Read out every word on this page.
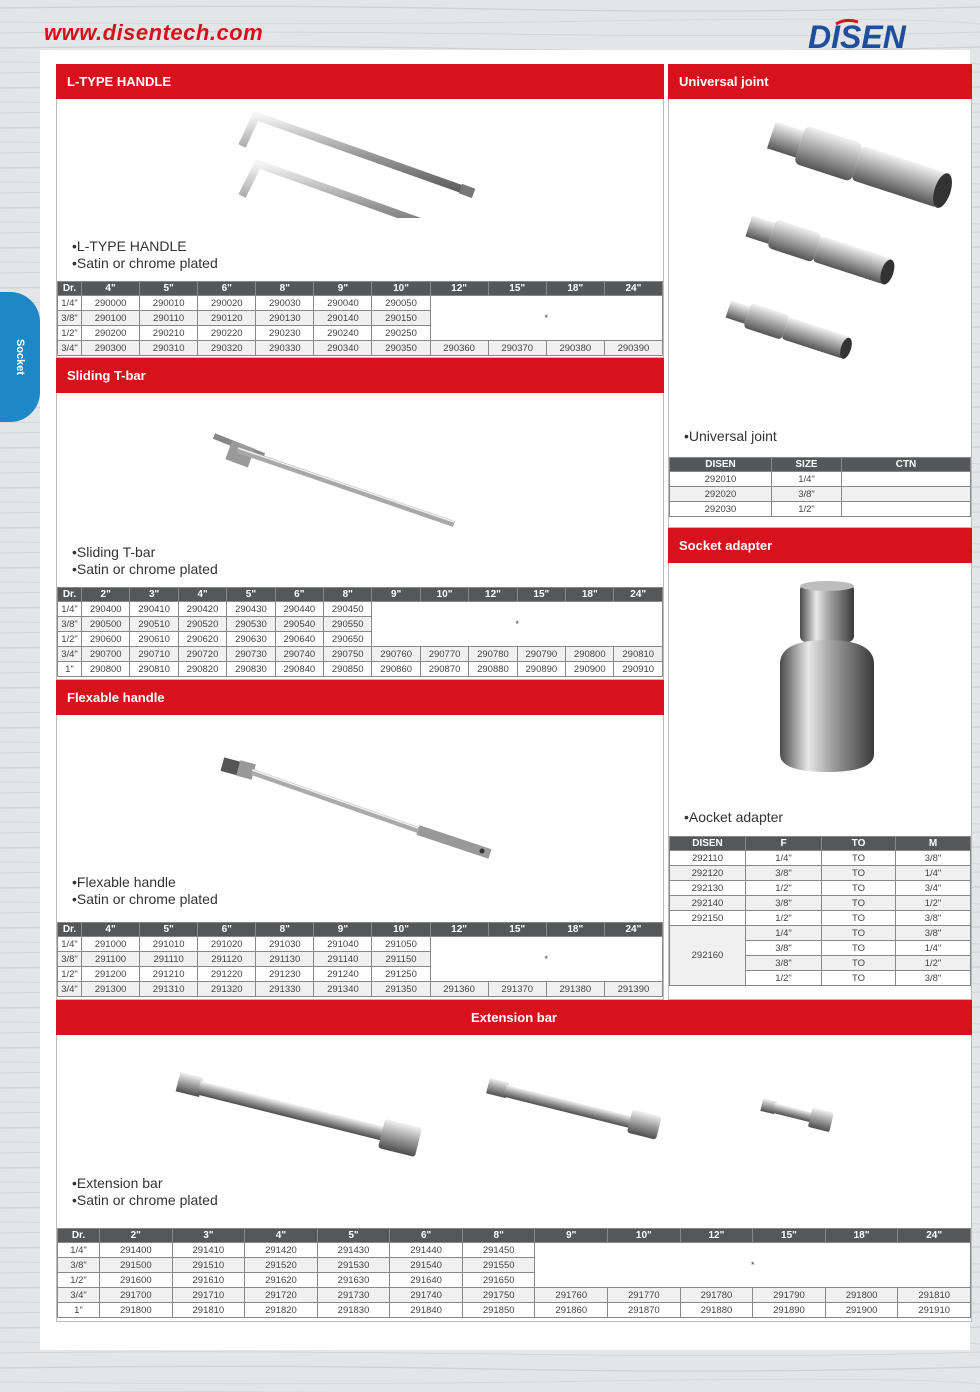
www.disentech.com	DISEN
Socket
L-TYPE HANDLE
•L-TYPE HANDLE
•Satin or chrome plated
Dr.	4"	5"	6"	8"	9"	10"	12"	15"	18"	24"
1/4"	290000	290010	290020	290030	290040	290050	*			
3/8"	290100	290110	290120	290130	290140	290150				
1/2"	290200	290210	290220	290230	290240	290250				
3/4"	290300	290310	290320	290330	290340	290350	290360	290370	290380	290390
Sliding T-bar
•Sliding T-bar
•Satin or chrome plated
Dr.	2"	3"	4"	5"	6"	8"	9"	10"	12"	15"	18"	24"
1/4"	290400	290410	290420	290430	290440	290450	*					
3/8"	290500	290510	290520	290530	290540	290550						
1/2"	290600	290610	290620	290630	290640	290650						
3/4"	290700	290710	290720	290730	290740	290750	290760	290770	290780	290790	290800	290810
1"	290800	290810	290820	290830	290840	290850	290860	290870	290880	290890	290900	290910
Flexable handle
•Flexable handle
•Satin or chrome plated
Dr.	4"	5"	6"	8"	9"	10"	12"	15"	18"	24"
1/4"	291000	291010	291020	291030	291040	291050	*			
3/8"	291100	291110	291120	291130	291140	291150				
1/2"	291200	291210	291220	291230	291240	291250				
3/4"	291300	291310	291320	291330	291340	291350	291360	291370	291380	291390
Universal joint
•Universal joint
DISEN	SIZE	CTN
292010	1/4"	
292020	3/8"	
292030	1/2"	
Socket adapter
•Aocket adapter
DISEN	F	TO	M
292110	1/4"	TO	3/8"
292120	3/8"	TO	1/4"
292130	1/2"	TO	3/4"
292140	3/8"	TO	1/2"
292150	1/2"	TO	3/8"
292160	1/4"	TO	3/8"
	3/8"	TO	1/4"
	3/8"	TO	1/2"
	1/2"	TO	3/8"
Extension bar
•Extension bar
•Satin or chrome plated
Dr.	2"	3"	4"	5"	6"	8"	9"	10"	12"	15"	18"	24"
1/4"	291400	291410	291420	291430	291440	291450	*					
3/8"	291500	291510	291520	291530	291540	291550						
1/2"	291600	291610	291620	291630	291640	291650						
3/4"	291700	291710	291720	291730	291740	291750	291760	291770	291780	291790	291800	291810
1"	291800	291810	291820	291830	291840	291850	291860	291870	291880	291890	291900	291910
